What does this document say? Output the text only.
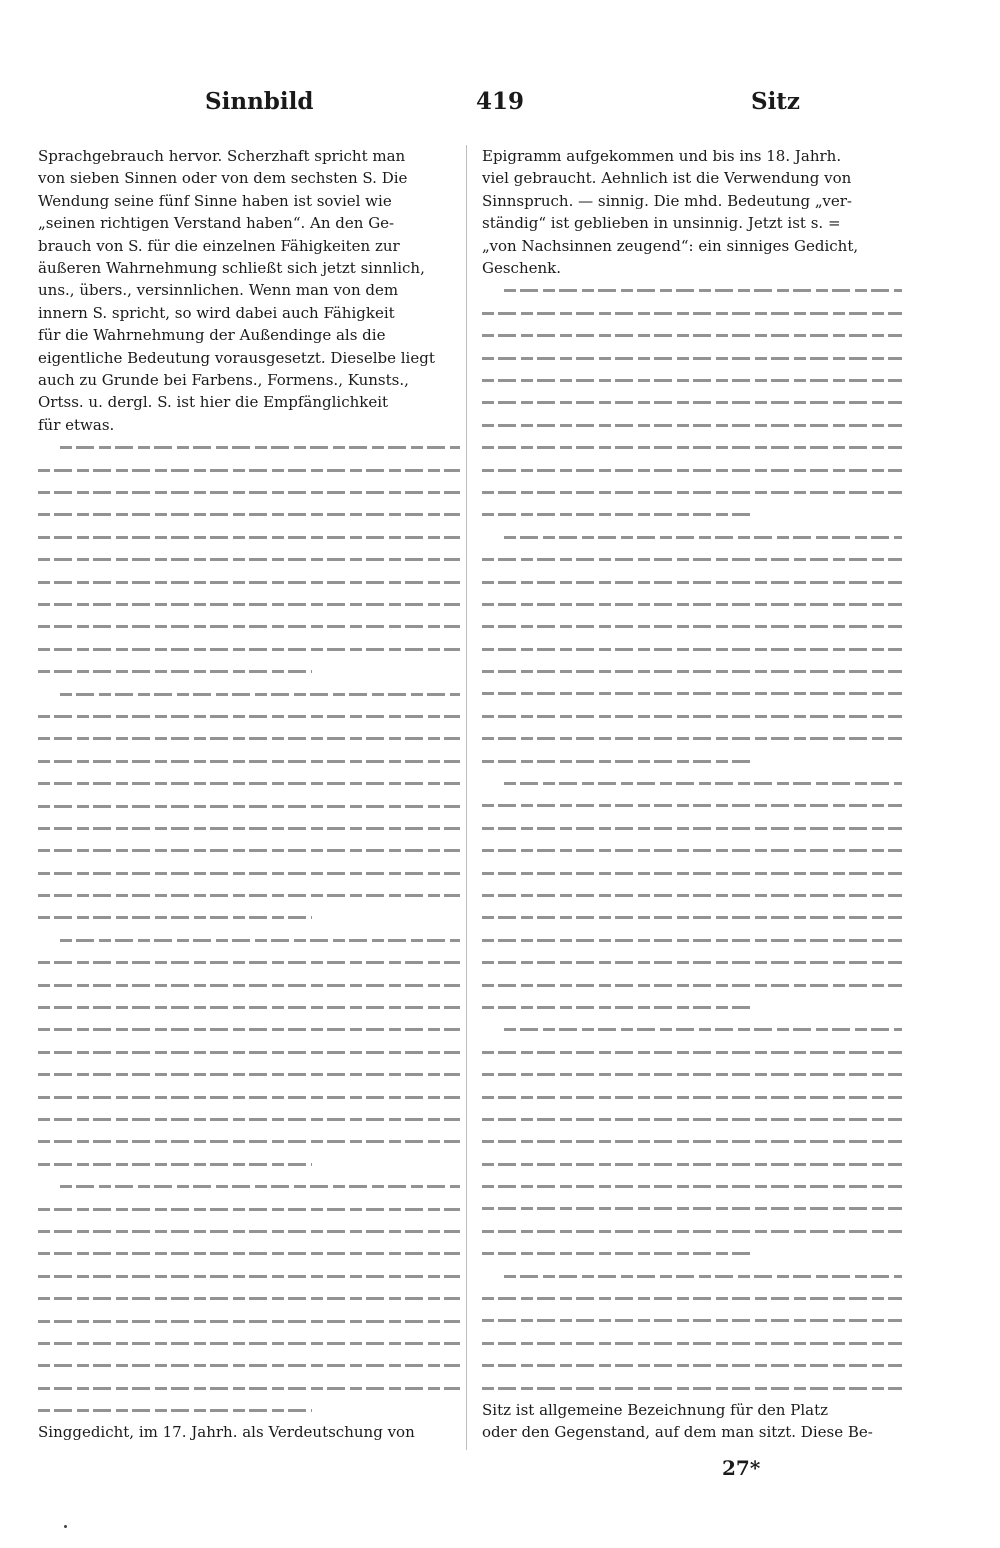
Sinnbild	419	Sitz
Sprachgebrauch hervor. Scherzhaft spricht man
von sieben Sinnen oder von dem sechsten S. Die
Wendung seine fünf Sinne haben ist soviel wie
„seinen richtigen Verstand haben“. An den Ge-
brauch von S. für die einzelnen Fähigkeiten zur
äußeren Wahrnehmung schließt sich jetzt sinnlich,
uns., übers., versinnlichen. Wenn man von dem
innern S. spricht, so wird dabei auch Fähigkeit
für die Wahrnehmung der Außendinge als die
eigentliche Bedeutung vorausgesetzt. Dieselbe liegt
auch zu Grunde bei Farbens., Formens., Kunsts.,
Ortss. u. dergl. S. ist hier die Empfänglichkeit
für etwas.
Singgedicht, im 17. Jahrh. als Verdeutschung von
Epigramm aufgekommen und bis ins 18. Jahrh.
viel gebraucht. Aehnlich ist die Verwendung von
Sinnspruch. — sinnig. Die mhd. Bedeutung „ver-
ständig“ ist geblieben in unsinnig. Jetzt ist s. =
„von Nachsinnen zeugend“: ein sinniges Gedicht,
Geschenk.
Sitz ist allgemeine Bezeichnung für den Platz
oder den Gegenstand, auf dem man sitzt. Diese Be-
27*
